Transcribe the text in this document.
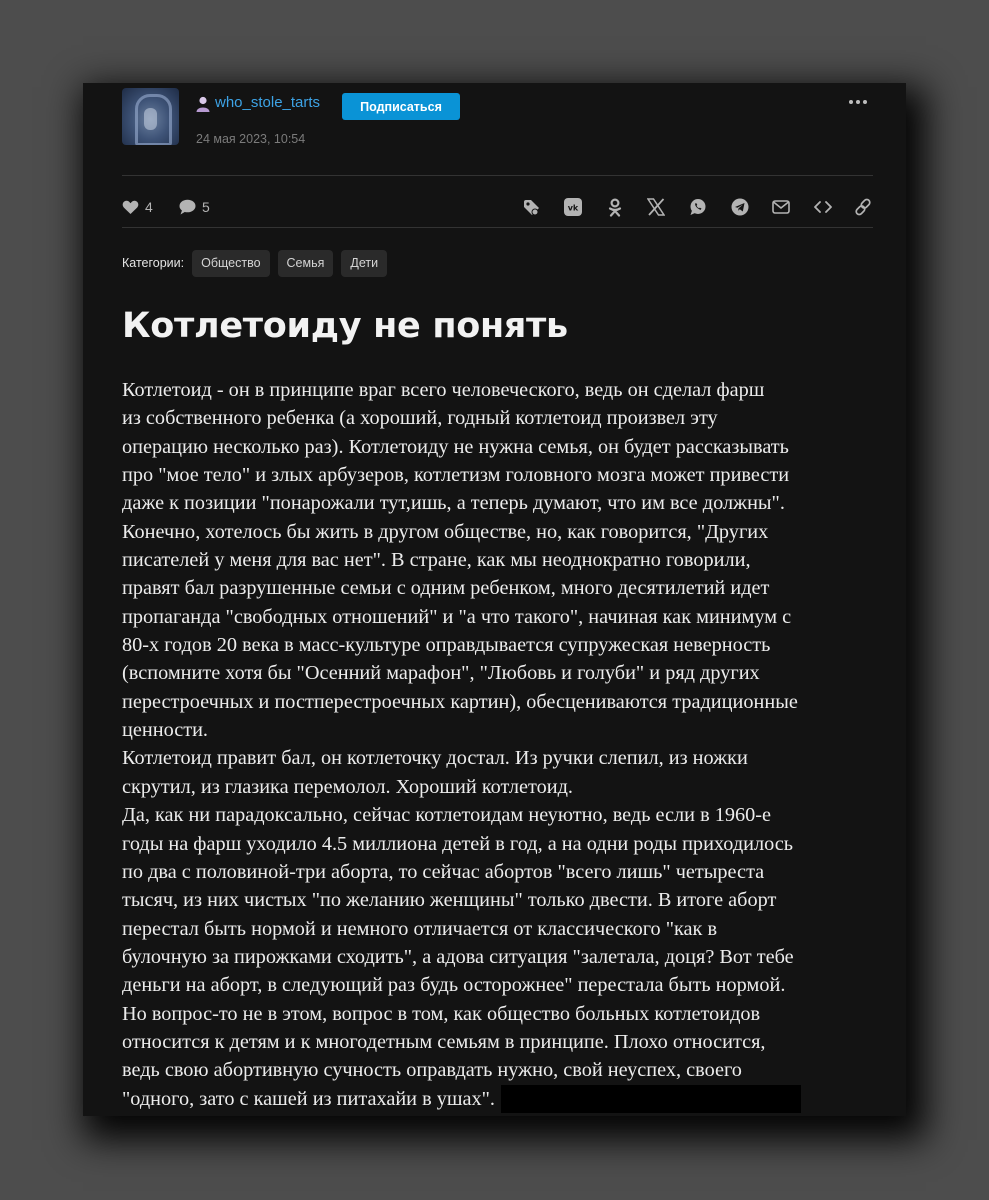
who_stole_tarts	Подписаться
24 мая 2023, 10:54
4	5	vk
Категории:	Общество	Семья	Дети
Котлетоиду не понять
Котлетоид - он в принципе враг всего человеческого, ведь он сделал фарш
из собственного ребенка (а хороший, годный котлетоид произвел эту
операцию несколько раз). Котлетоиду не нужна семья, он будет рассказывать
про "мое тело" и злых арбузеров, котлетизм головного мозга может привести
даже к позиции "понарожали тут,ишь, а теперь думают, что им все должны".
Конечно, хотелось бы жить в другом обществе, но, как говорится, "Других
писателей у меня для вас нет". В стране, как мы неоднократно говорили,
правят бал разрушенные семьи с одним ребенком, много десятилетий идет
пропаганда "свободных отношений" и "а что такого", начиная как минимум с
80-х годов 20 века в масс-культуре оправдывается супружеская неверность
(вспомните хотя бы "Осенний марафон", "Любовь и голуби" и ряд других
перестроечных и постперестроечных картин), обесцениваются традиционные
ценности.
Котлетоид правит бал, он котлеточку достал. Из ручки слепил, из ножки
скрутил, из глазика перемолол. Хороший котлетоид.
Да, как ни парадоксально, сейчас котлетоидам неуютно, ведь если в 1960-е
годы на фарш уходило 4.5 миллиона детей в год, а на одни роды приходилось
по два с половиной-три аборта, то сейчас абортов "всего лишь" четыреста
тысяч, из них чистых "по желанию женщины" только двести. В итоге аборт
перестал быть нормой и немного отличается от классического "как в
булочную за пирожками сходить", а адова ситуация "залетала, доця? Вот тебе
деньги на аборт, в следующий раз будь осторожнее" перестала быть нормой.
Но вопрос-то не в этом, вопрос в том, как общество больных котлетоидов
относится к детям и к многодетным семьям в принципе. Плохо относится,
ведь свою абортивную сучность оправдать нужно, свой неуспех, своего
"одного, зато с кашей из питахайи в ушах".
